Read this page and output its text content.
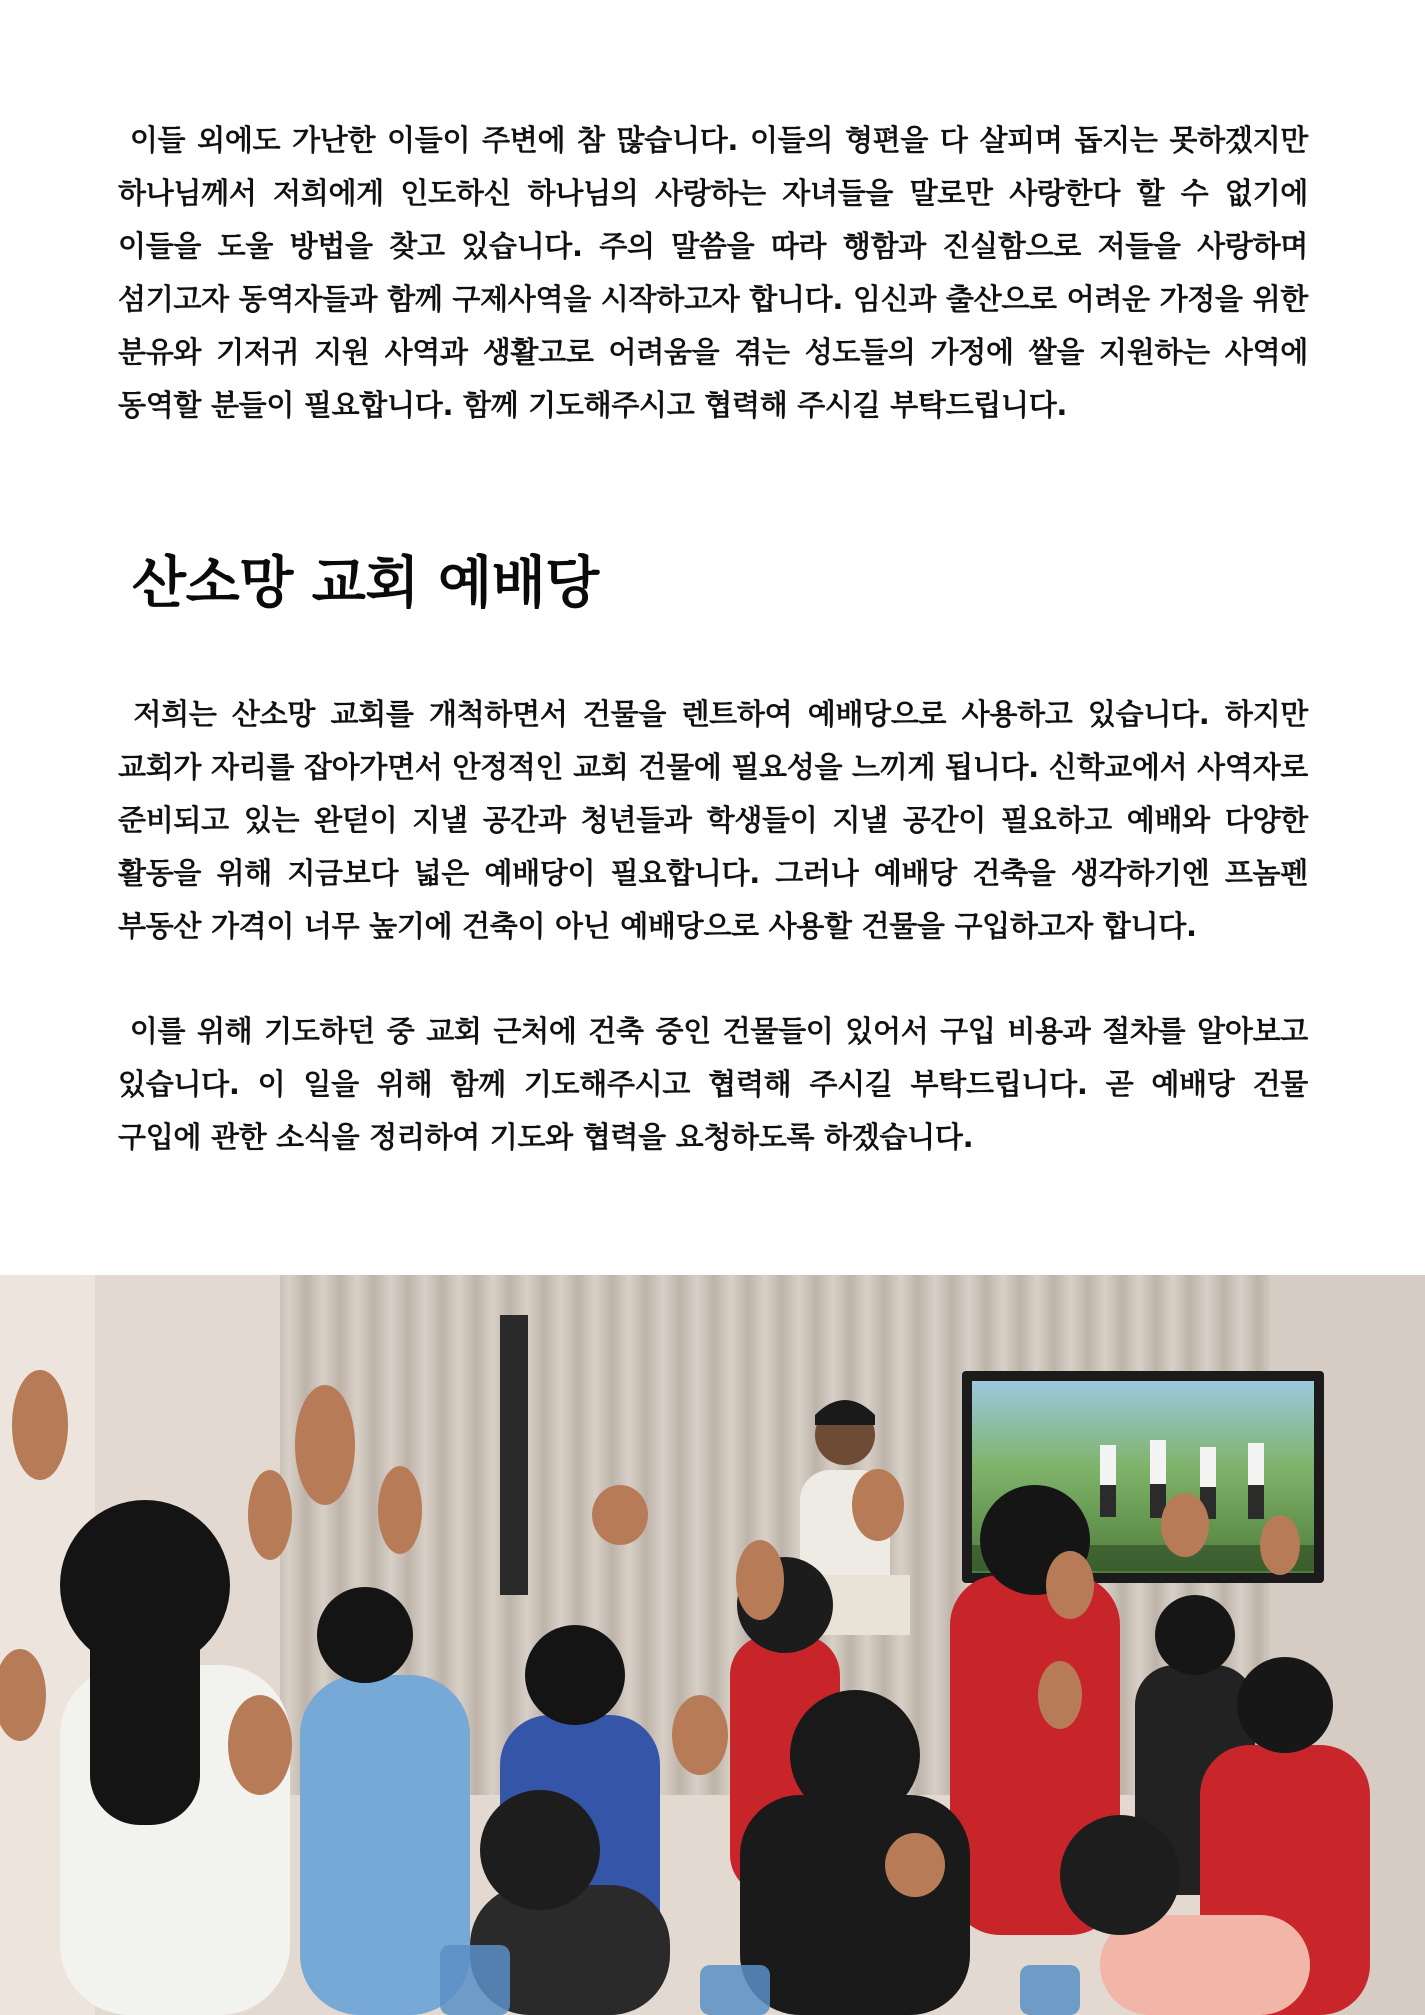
이들 외에도 가난한 이들이 주변에 참 많습니다. 이들의 형편을 다 살피며 돕지는 못하겠지만 하나님께서 저희에게 인도하신 하나님의 사랑하는 자녀들을 말로만 사랑한다 할 수 없기에 이들을 도울 방법을 찾고 있습니다. 주의 말씀을 따라 행함과 진실함으로 저들을 사랑하며 섬기고자 동역자들과 함께 구제사역을 시작하고자 합니다. 임신과 출산으로 어려운 가정을 위한 분유와 기저귀 지원 사역과 생활고로 어려움을 겪는 성도들의 가정에 쌀을 지원하는 사역에 동역할 분들이 필요합니다. 함께 기도해주시고 협력해 주시길 부탁드립니다.

산소망 교회 예배당

저희는 산소망 교회를 개척하면서 건물을 렌트하여 예배당으로 사용하고 있습니다. 하지만 교회가 자리를 잡아가면서 안정적인 교회 건물에 필요성을 느끼게 됩니다. 신학교에서 사역자로 준비되고 있는 완덛이 지낼 공간과 청년들과 학생들이 지낼 공간이 필요하고 예배와 다양한 활동을 위해 지금보다 넓은 예배당이 필요합니다. 그러나 예배당 건축을 생각하기엔 프놈펜 부동산 가격이 너무 높기에 건축이 아닌 예배당으로 사용할 건물을 구입하고자 합니다.

이를 위해 기도하던 중 교회 근처에 건축 중인 건물들이 있어서 구입 비용과 절차를 알아보고 있습니다. 이 일을 위해 함께 기도해주시고 협력해 주시길 부탁드립니다. 곧 예배당 건물 구입에 관한 소식을 정리하여 기도와 협력을 요청하도록 하겠습니다.
